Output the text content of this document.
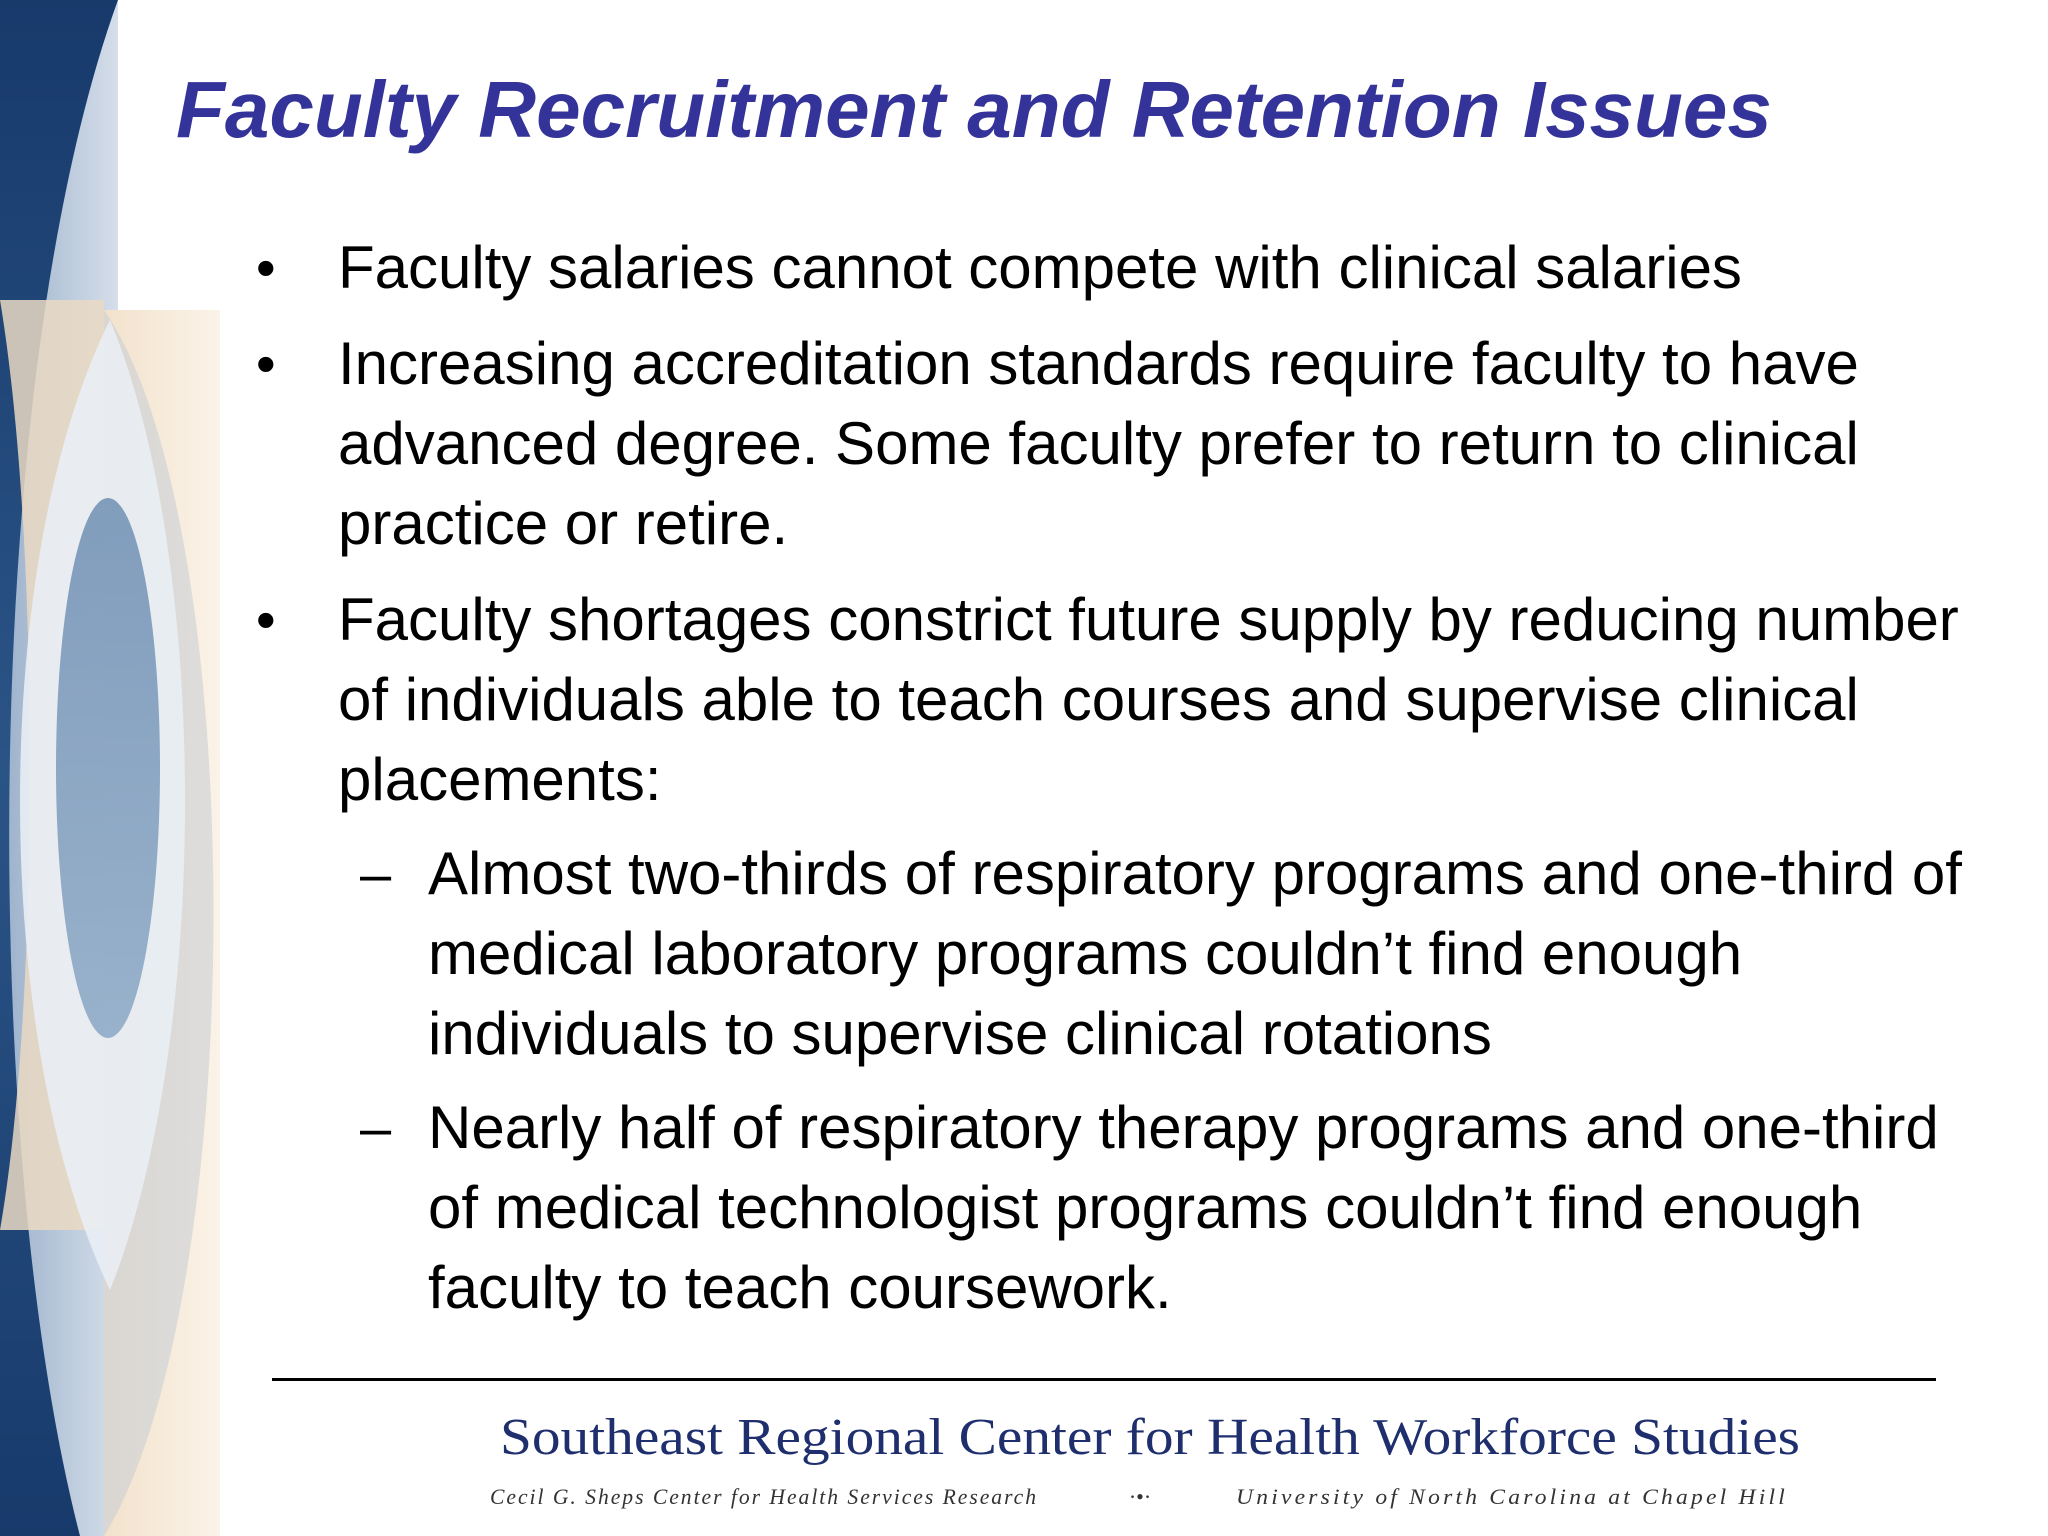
Faculty Recruitment and Retention Issues
• Faculty salaries cannot compete with clinical salaries

• Increasing accreditation standards require faculty to have advanced degree. Some faculty prefer to return to clinical practice or retire.

• Faculty shortages constrict future supply by reducing number of individuals able to teach courses and supervise clinical placements:

– Almost two-thirds of respiratory programs and one-third of medical laboratory programs couldn’t find enough individuals to supervise clinical rotations

– Nearly half of respiratory therapy programs and one-third of medical technologist programs couldn’t find enough faculty to teach coursework.

Southeast Regional Center for Health Workforce Studies
Cecil G. Sheps Center for Health Services Research	·•·	University of North Carolina at Chapel Hill
